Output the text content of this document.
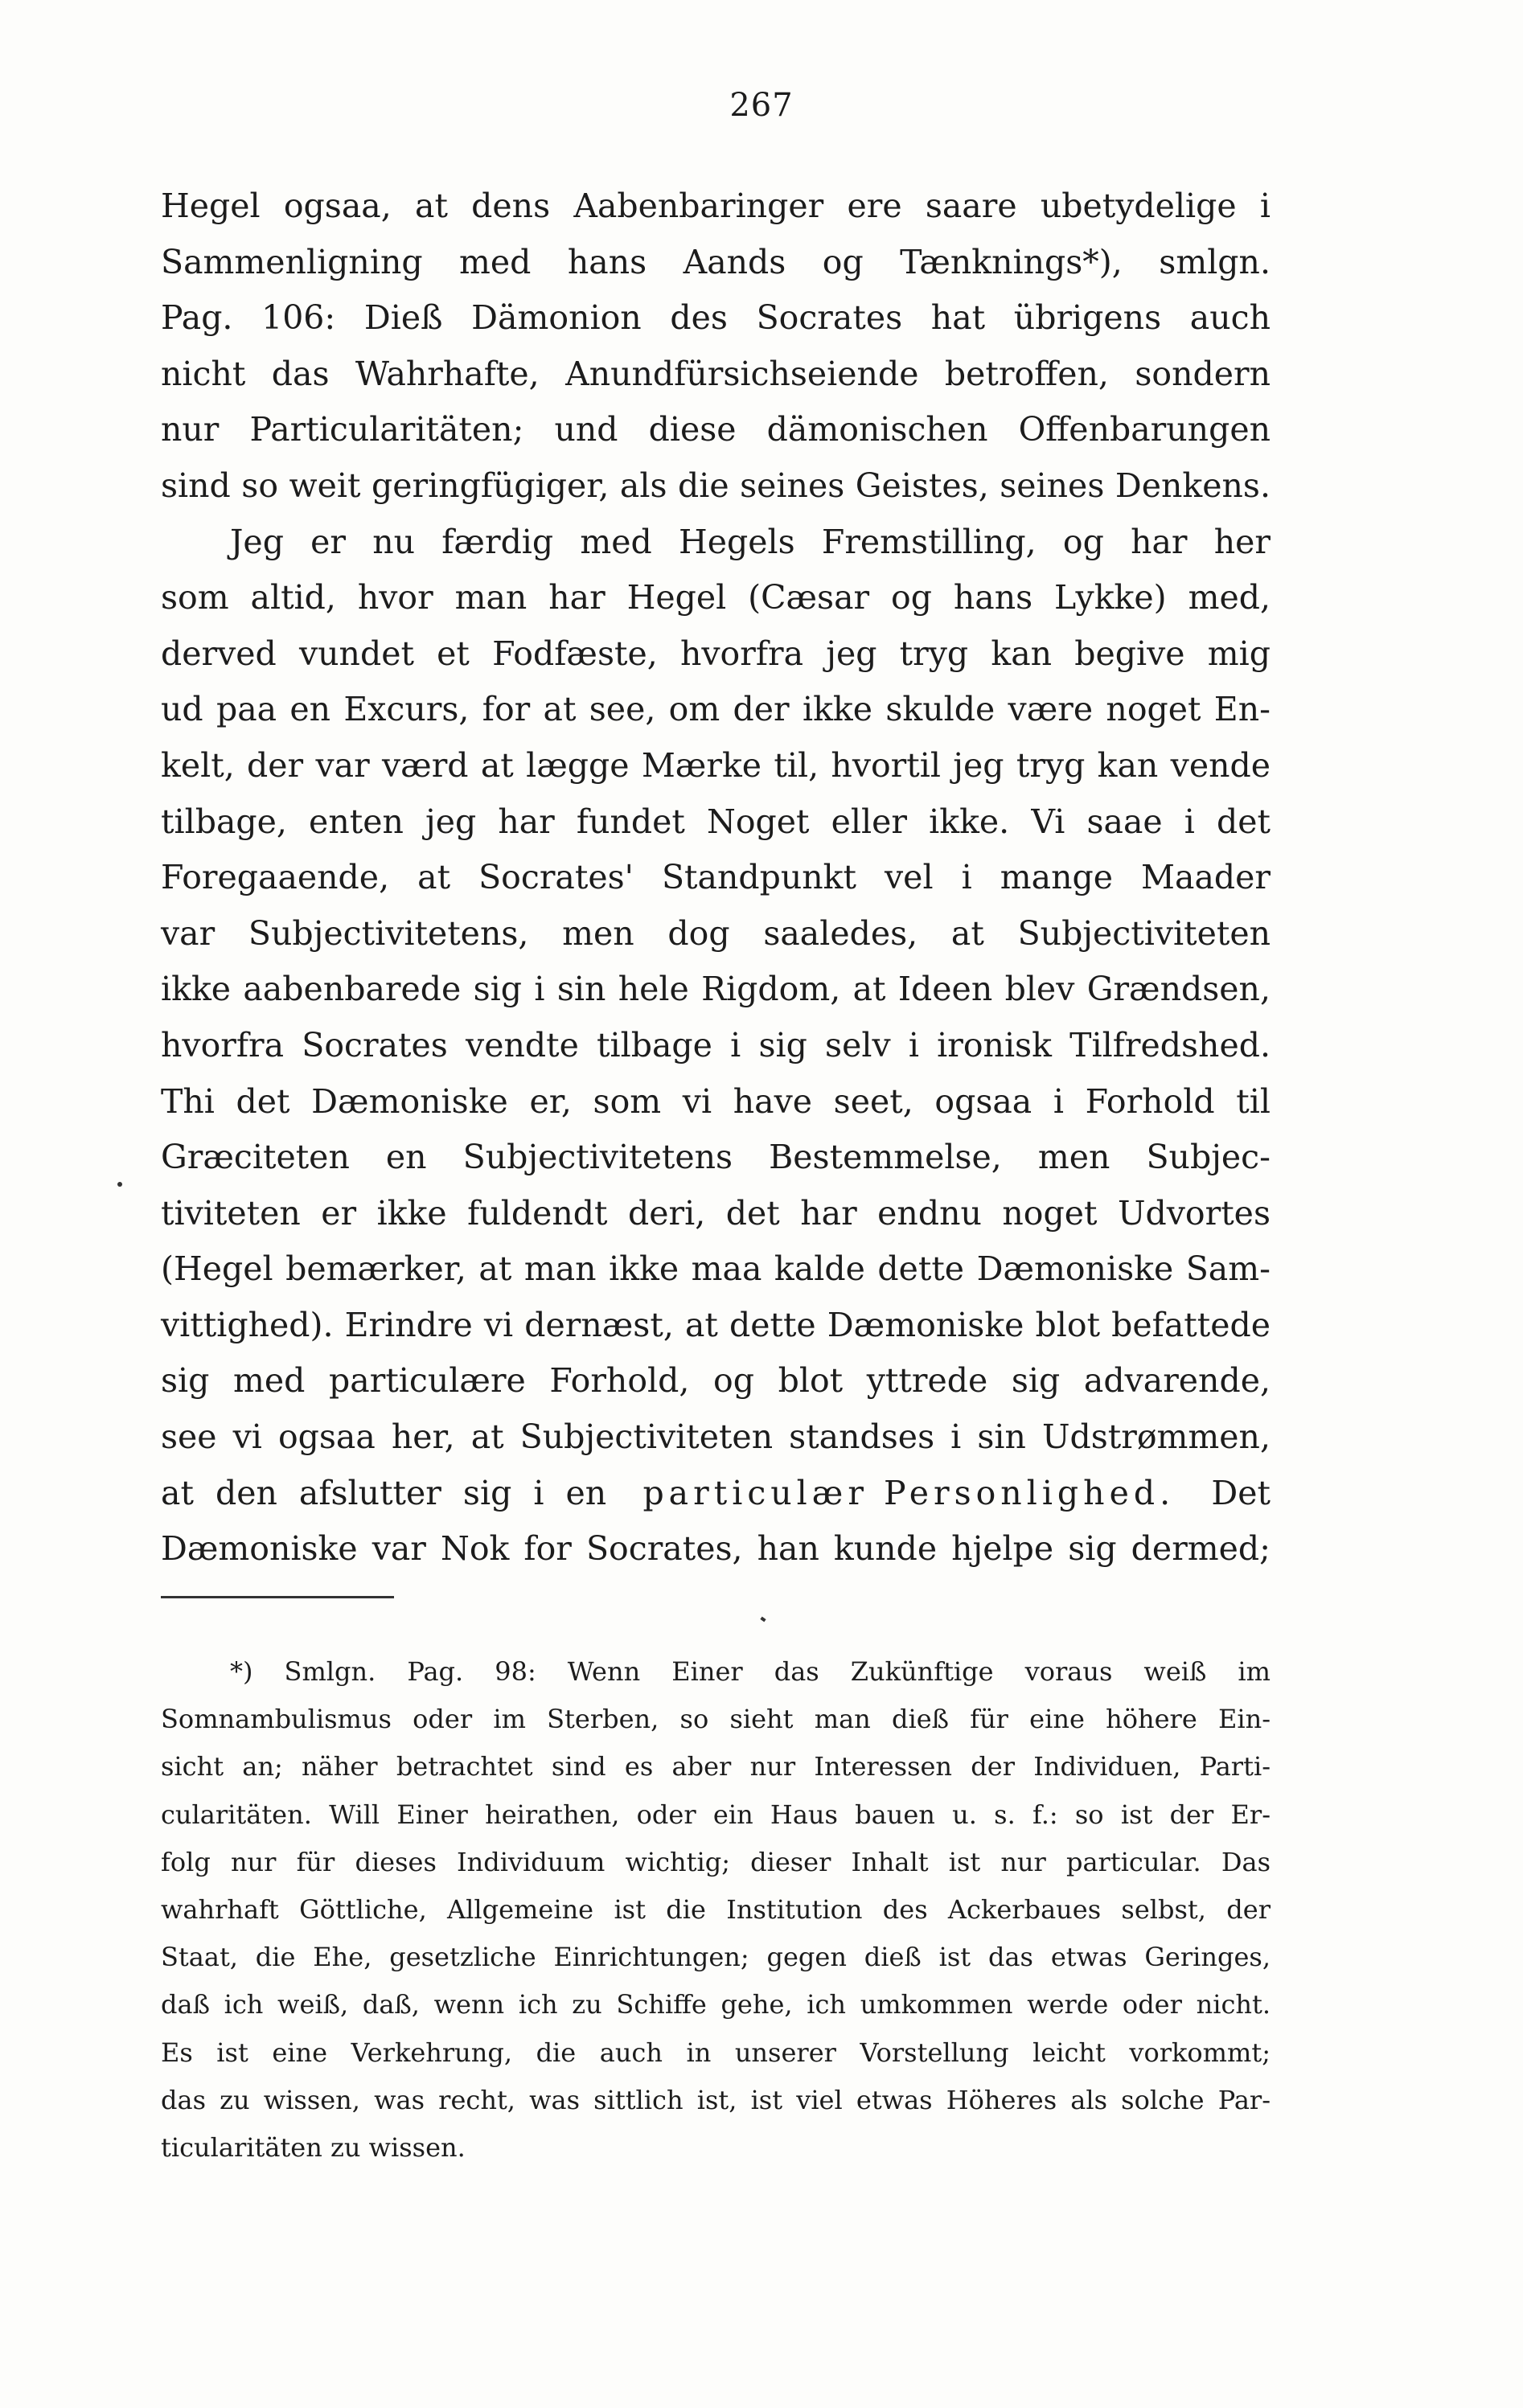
267
Hegel ogsaa, at dens Aabenbaringer ere saare ubetydelige i
Sammenligning med hans Aands og Tænknings*), smlgn.
Pag. 106: Dieß Dämonion des Socrates hat übrigens auch
nicht das Wahrhafte, Anundfürsichseiende betroffen, sondern
nur Particularitäten; und diese dämonischen Offenbarungen
sind so weit geringfügiger, als die seines Geistes, seines Denkens.
Jeg er nu færdig med Hegels Fremstilling, og har her
som altid, hvor man har Hegel (Cæsar og hans Lykke) med,
derved vundet et Fodfæste, hvorfra jeg tryg kan begive mig
ud paa en Excurs, for at see, om der ikke skulde være noget En-
kelt, der var værd at lægge Mærke til, hvortil jeg tryg kan vende
tilbage, enten jeg har fundet Noget eller ikke. Vi saae i det
Foregaaende, at Socrates' Standpunkt vel i mange Maader
var Subjectivitetens, men dog saaledes, at Subjectiviteten
ikke aabenbarede sig i sin hele Rigdom, at Ideen blev Grændsen,
hvorfra Socrates vendte tilbage i sig selv i ironisk Tilfredshed.
Thi det Dæmoniske er, som vi have seet, ogsaa i Forhold til
Græciteten en Subjectivitetens Bestemmelse, men Subjec-
tiviteten er ikke fuldendt deri, det har endnu noget Udvortes
(Hegel bemærker, at man ikke maa kalde dette Dæmoniske Sam-
vittighed). Erindre vi dernæst, at dette Dæmoniske blot befattede
sig med particulære Forhold, og blot yttrede sig advarende,
see vi ogsaa her, at Subjectiviteten standses i sin Udstrømmen,
at den afslutter sig i en particulær Personlighed. Det
Dæmoniske var Nok for Socrates, han kunde hjelpe sig dermed;
*) Smlgn. Pag. 98: Wenn Einer das Zukünftige voraus weiß im
Somnambulismus oder im Sterben, so sieht man dieß für eine höhere Ein-
sicht an; näher betrachtet sind es aber nur Interessen der Individuen, Parti-
cularitäten. Will Einer heirathen, oder ein Haus bauen u. s. f.: so ist der Er-
folg nur für dieses Individuum wichtig; dieser Inhalt ist nur particular. Das
wahrhaft Göttliche, Allgemeine ist die Institution des Ackerbaues selbst, der
Staat, die Ehe, gesetzliche Einrichtungen; gegen dieß ist das etwas Geringes,
daß ich weiß, daß, wenn ich zu Schiffe gehe, ich umkommen werde oder nicht.
Es ist eine Verkehrung, die auch in unserer Vorstellung leicht vorkommt;
das zu wissen, was recht, was sittlich ist, ist viel etwas Höheres als solche Par-
ticularitäten zu wissen.
